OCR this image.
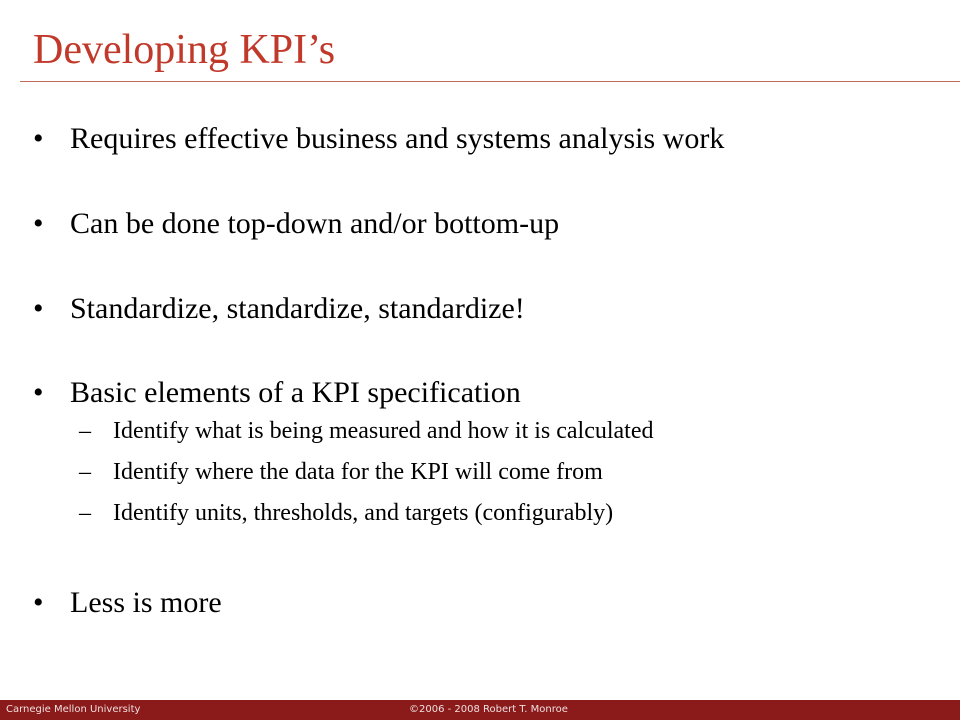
Developing KPI’s
• Requires effective business and systems analysis work
• Can be done top-down and/or bottom-up
• Standardize, standardize, standardize!
• Basic elements of a KPI specification
– Identify what is being measured and how it is calculated
– Identify where the data for the KPI will come from
– Identify units, thresholds, and targets (configurably)
• Less is more
Carnegie Mellon University	©2006 - 2008 Robert T. Monroe
